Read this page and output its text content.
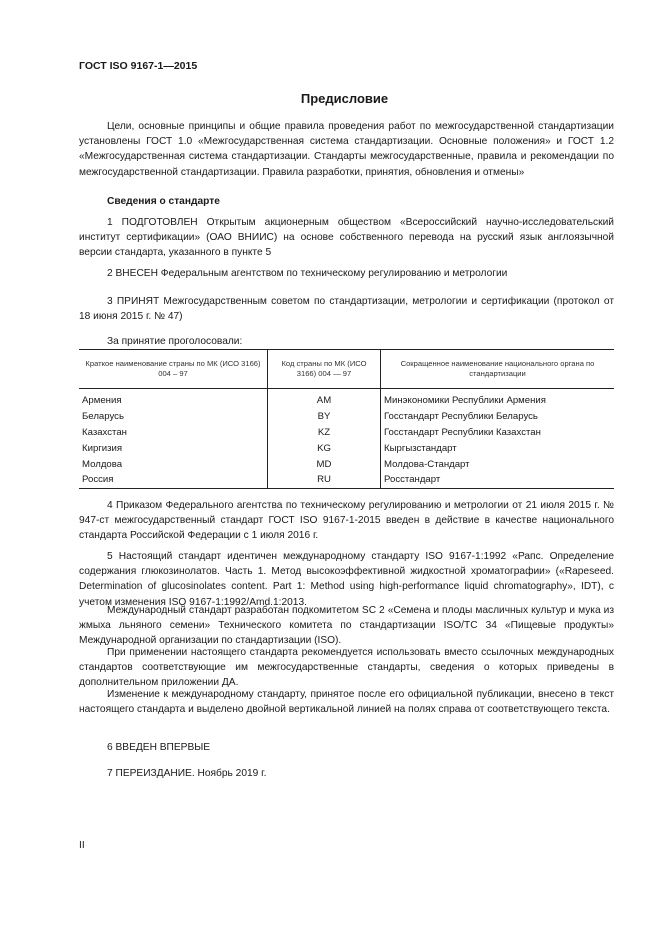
ГОСТ ISO 9167-1—2015
Предисловие

Цели, основные принципы и общие правила проведения работ по межгосударственной стандартизации установлены ГОСТ 1.0 «Межгосударственная система стандартизации. Основные положения» и ГОСТ 1.2 «Межгосударственная система стандартизации. Стандарты межгосударственные, правила и рекомендации по межгосударственной стандартизации. Правила разработки, принятия, обновления и отмены»

Сведения о стандарте

1 ПОДГОТОВЛЕН Открытым акционерным обществом «Всероссийский научно-исследовательский институт сертификации» (ОАО ВНИИС) на основе собственного перевода на русский язык англоязычной версии стандарта, указанного в пункте 5

2 ВНЕСЕН Федеральным агентством по техническому регулированию и метрологии

3 ПРИНЯТ Межгосударственным советом по стандартизации, метрологии и сертификации (протокол от 18 июня 2015 г. № 47)

За принятие проголосовали:
Краткое наименование страны по МК (ИСО 3166) 004 – 97	Код страны по МК (ИСО 3166) 004 — 97	Сокращенное наименование национального органа по стандартизации

Армения	AM	Минэкономики Республики Армения
Беларусь	BY	Госстандарт Республики Беларусь
Казахстан	KZ	Госстандарт Республики Казахстан
Киргизия	KG	Кыргызстандарт
Молдова	MD	Молдова-Стандарт
Россия	RU	Росстандарт

4 Приказом Федерального агентства по техническому регулированию и метрологии от 21 июля 2015 г. № 947-ст межгосударственный стандарт ГОСТ ISO 9167-1-2015 введен в действие в качестве национального стандарта Российской Федерации с 1 июля 2016 г.

5 Настоящий стандарт идентичен международному стандарту ISO 9167-1:1992 «Рапс. Определение содержания глюкозинолатов. Часть 1. Метод высокоэффективной жидкостной хроматографии» («Rapeseed. Determination of glucosinolates content. Part 1: Method using high-performance liquid chromatography», IDT), с учетом изменения ISO 9167-1:1992/Amd.1:2013.

Международный стандарт разработан подкомитетом SC 2 «Семена и плоды масличных культур и мука из жмыха льняного семени» Технического комитета по стандартизации ISO/TC 34 «Пищевые продукты» Международной организации по стандартизации (ISO).

При применении настоящего стандарта рекомендуется использовать вместо ссылочных международных стандартов соответствующие им межгосударственные стандарты, сведения о которых приведены в дополнительном приложении ДА.

Изменение к международному стандарту, принятое после его официальной публикации, внесено в текст настоящего стандарта и выделено двойной вертикальной линией на полях справа от соответствующего текста.

6 ВВЕДЕН ВПЕРВЫЕ

7 ПЕРЕИЗДАНИЕ. Ноябрь 2019 г.

II
